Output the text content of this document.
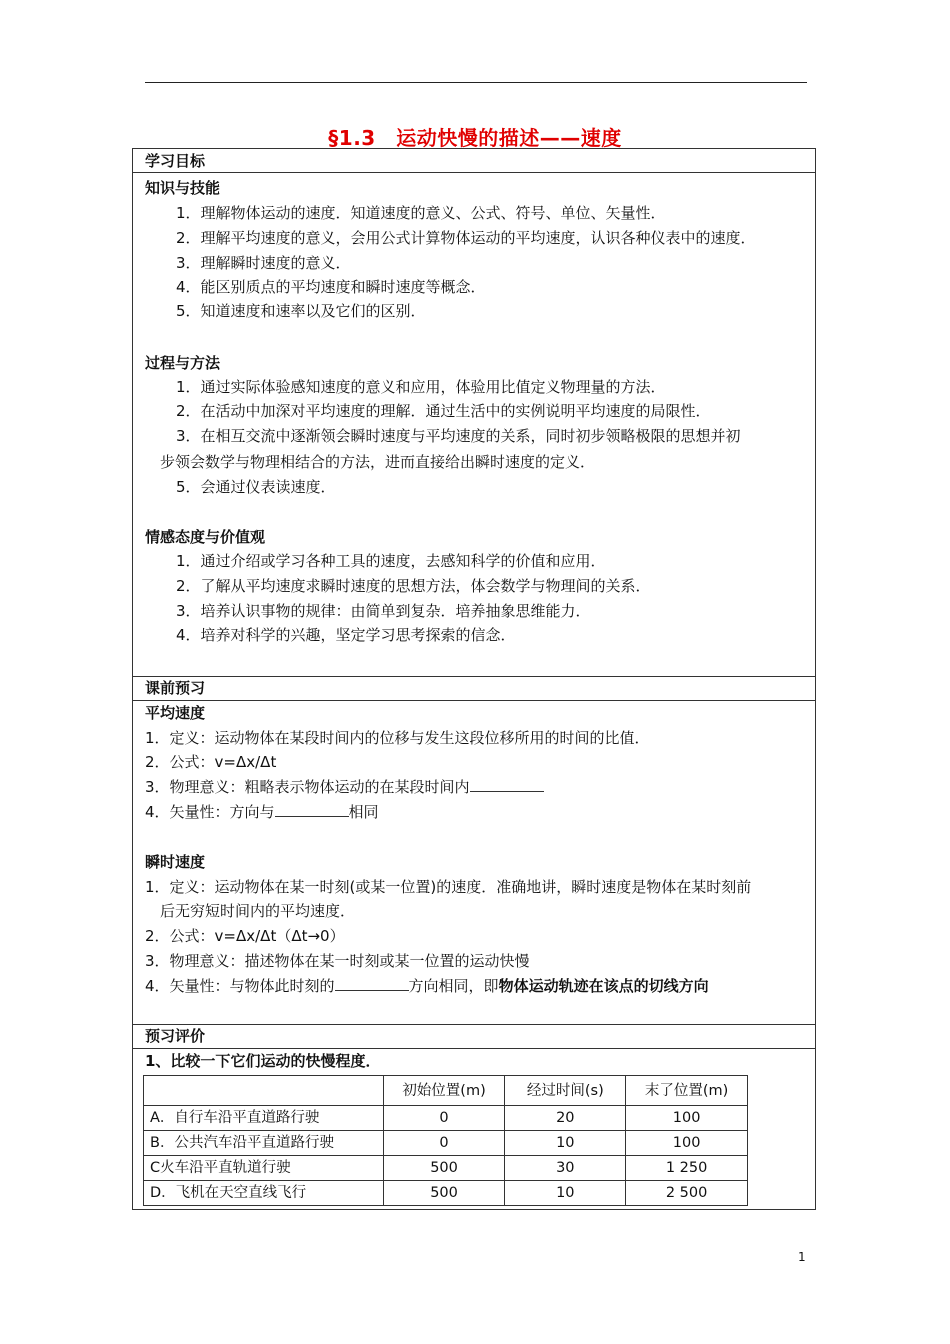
§1.3　运动快慢的描述——速度
学习目标
知识与技能
1．理解物体运动的速度．知道速度的意义、公式、符号、单位、矢量性．
2．理解平均速度的意义，会用公式计算物体运动的平均速度，认识各种仪表中的速度．
3．理解瞬时速度的意义．
4．能区别质点的平均速度和瞬时速度等概念．
5．知道速度和速率以及它们的区别．
过程与方法
1．通过实际体验感知速度的意义和应用，体验用比值定义物理量的方法．
2．在活动中加深对平均速度的理解．通过生活中的实例说明平均速度的局限性．
3．在相互交流中逐渐领会瞬时速度与平均速度的关系，同时初步领略极限的思想并初
步领会数学与物理相结合的方法，进而直接给出瞬时速度的定义．
5．会通过仪表读速度．
情感态度与价值观
1．通过介绍或学习各种工具的速度，去感知科学的价值和应用．
2．了解从平均速度求瞬时速度的思想方法，体会数学与物理间的关系．
3．培养认识事物的规律：由简单到复杂．培养抽象思维能力．
4．培养对科学的兴趣，坚定学习思考探索的信念．
课前预习
平均速度
1．定义：运动物体在某段时间内的位移与发生这段位移所用的时间的比值．
2．公式：v=Δx/Δt
3．物理意义：粗略表示物体运动的在某段时间内
4．矢量性：方向与	相同
瞬时速度
1．定义：运动物体在某一时刻(或某一位置)的速度．准确地讲，瞬时速度是物体在某时刻前
后无穷短时间内的平均速度．
2．公式：v=Δx/Δt（Δt→0）
3．物理意义：描述物体在某一时刻或某一位置的运动快慢
4．矢量性：与物体此时刻的	方向相同，即物体运动轨迹在该点的切线方向
预习评价
1、比较一下它们运动的快慢程度．
	初始位置(m)	经过时间(s)	末了位置(m)
A．自行车沿平直道路行驶	0	20	100
B．公共汽车沿平直道路行驶	0	10	100
C火车沿平直轨道行驶	500	30	1 250
D．飞机在天空直线飞行	500	10	2 500
1
